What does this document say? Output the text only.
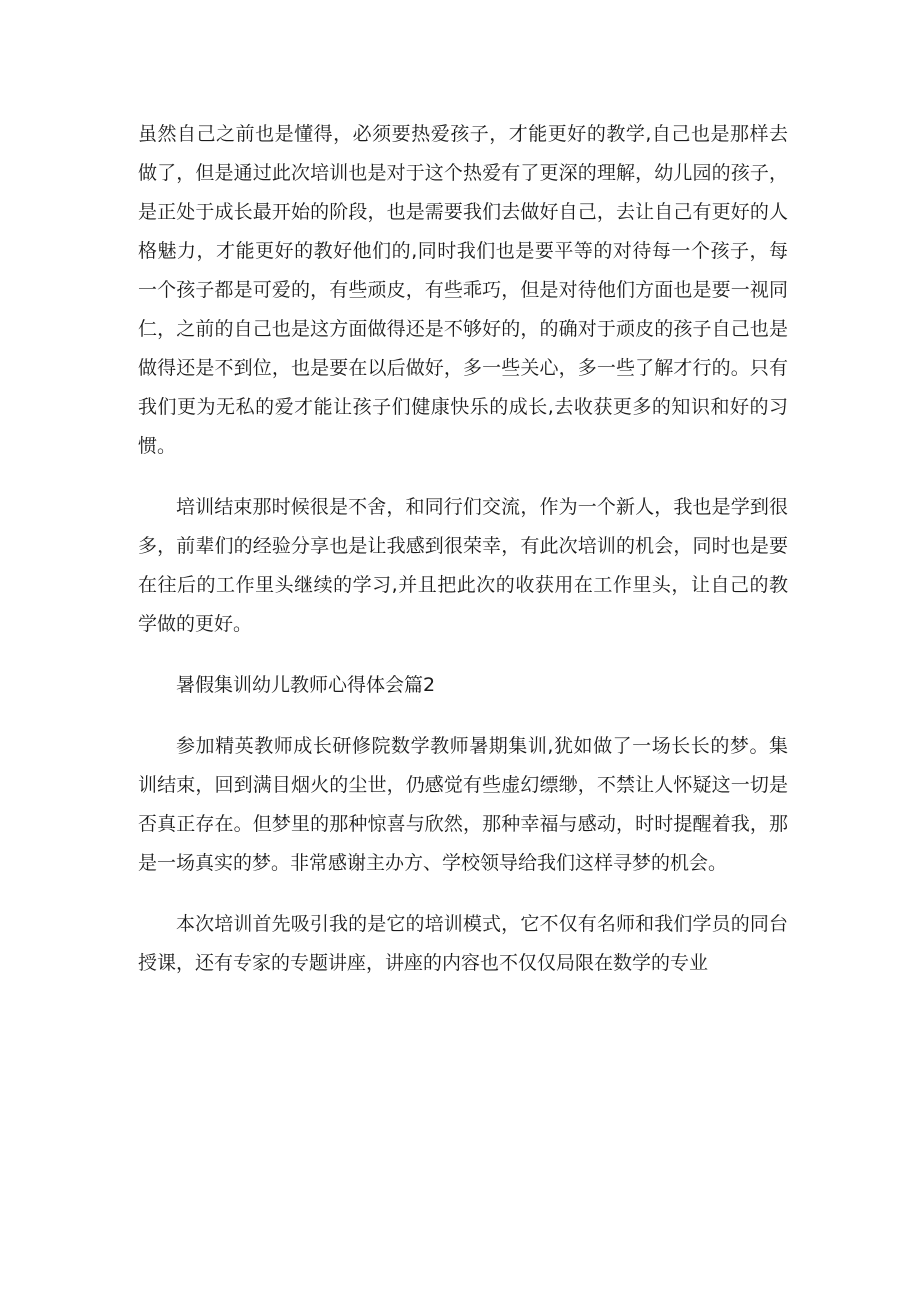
虽然自己之前也是懂得，必须要热爱孩子，才能更好的教学,自己也是那样去做了，但是通过此次培训也是对于这个热爱有了更深的理解，幼儿园的孩子，是正处于成长最开始的阶段，也是需要我们去做好自己，去让自己有更好的人格魅力，才能更好的教好他们的,同时我们也是要平等的对待每一个孩子，每一个孩子都是可爱的，有些顽皮，有些乖巧，但是对待他们方面也是要一视同仁，之前的自己也是这方面做得还是不够好的，的确对于顽皮的孩子自己也是做得还是不到位，也是要在以后做好，多一些关心，多一些了解才行的。只有我们更为无私的爱才能让孩子们健康快乐的成长,去收获更多的知识和好的习惯。

培训结束那时候很是不舍，和同行们交流，作为一个新人，我也是学到很多，前辈们的经验分享也是让我感到很荣幸，有此次培训的机会，同时也是要在往后的工作里头继续的学习,并且把此次的收获用在工作里头，让自己的教学做的更好。

暑假集训幼儿教师心得体会篇2

参加精英教师成长研修院数学教师暑期集训,犹如做了一场长长的梦。集训结束，回到满目烟火的尘世，仍感觉有些虚幻缥缈，不禁让人怀疑这一切是否真正存在。但梦里的那种惊喜与欣然，那种幸福与感动，时时提醒着我，那是一场真实的梦。非常感谢主办方、学校领导给我们这样寻梦的机会。

本次培训首先吸引我的是它的培训模式，它不仅有名师和我们学员的同台授课，还有专家的专题讲座，讲座的内容也不仅仅局限在数学的专业
